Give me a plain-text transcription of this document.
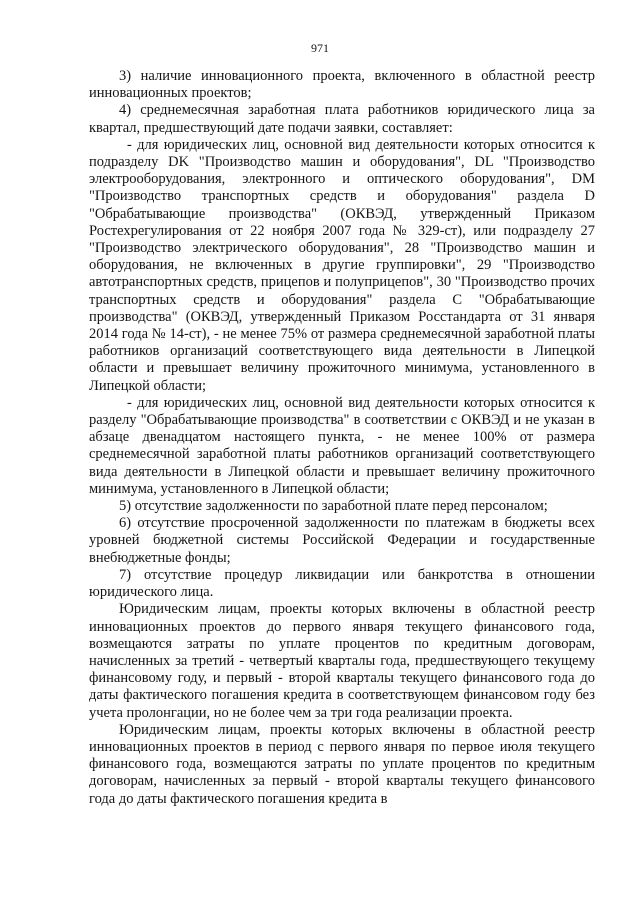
971

3) наличие инновационного проекта, включенного в областной реестр инновационных проектов;

4) среднемесячная заработная плата работников юридического лица за квартал, предшествующий дате подачи заявки, составляет:

- для юридических лиц, основной вид деятельности которых относится к подразделу DK "Производство машин и оборудования", DL "Производство электрооборудования, электронного и оптического оборудования", DM "Производство транспортных средств и оборудования" раздела D "Обрабатывающие производства" (ОКВЭД, утвержденный Приказом Ростехрегулирования от 22 ноября 2007 года № 329-ст), или подразделу 27 "Производство электрического оборудования", 28 "Производство машин и оборудования, не включенных в другие группировки", 29 "Производство автотранспортных средств, прицепов и полуприцепов", 30 "Производство прочих транспортных средств и оборудования" раздела C "Обрабатывающие производства" (ОКВЭД, утвержденный Приказом Росстандарта от 31 января 2014 года № 14-ст), - не менее 75% от размера среднемесячной заработной платы работников организаций соответствующего вида деятельности в Липецкой области и превышает величину прожиточного минимума, установленного в Липецкой области;

- для юридических лиц, основной вид деятельности которых относится к разделу "Обрабатывающие производства" в соответствии с ОКВЭД и не указан в абзаце двенадцатом настоящего пункта, - не менее 100% от размера среднемесячной заработной платы работников организаций соответствующего вида деятельности в Липецкой области и превышает величину прожиточного минимума, установленного в Липецкой области;

5) отсутствие задолженности по заработной плате перед персоналом;

6) отсутствие просроченной задолженности по платежам в бюджеты всех уровней бюджетной системы Российской Федерации и государственные внебюджетные фонды;

7) отсутствие процедур ликвидации или банкротства в отношении юридического лица.

Юридическим лицам, проекты которых включены в областной реестр инновационных проектов до первого января текущего финансового года, возмещаются затраты по уплате процентов по кредитным договорам, начисленных за третий - четвертый кварталы года, предшествующего текущему финансовому году, и первый - второй кварталы текущего финансового года до даты фактического погашения кредита в соответствующем финансовом году без учета пролонгации, но не более чем за три года реализации проекта.

Юридическим лицам, проекты которых включены в областной реестр инновационных проектов в период с первого января по первое июля текущего финансового года, возмещаются затраты по уплате процентов по кредитным договорам, начисленных за первый - второй кварталы текущего финансового года до даты фактического погашения кредита в
